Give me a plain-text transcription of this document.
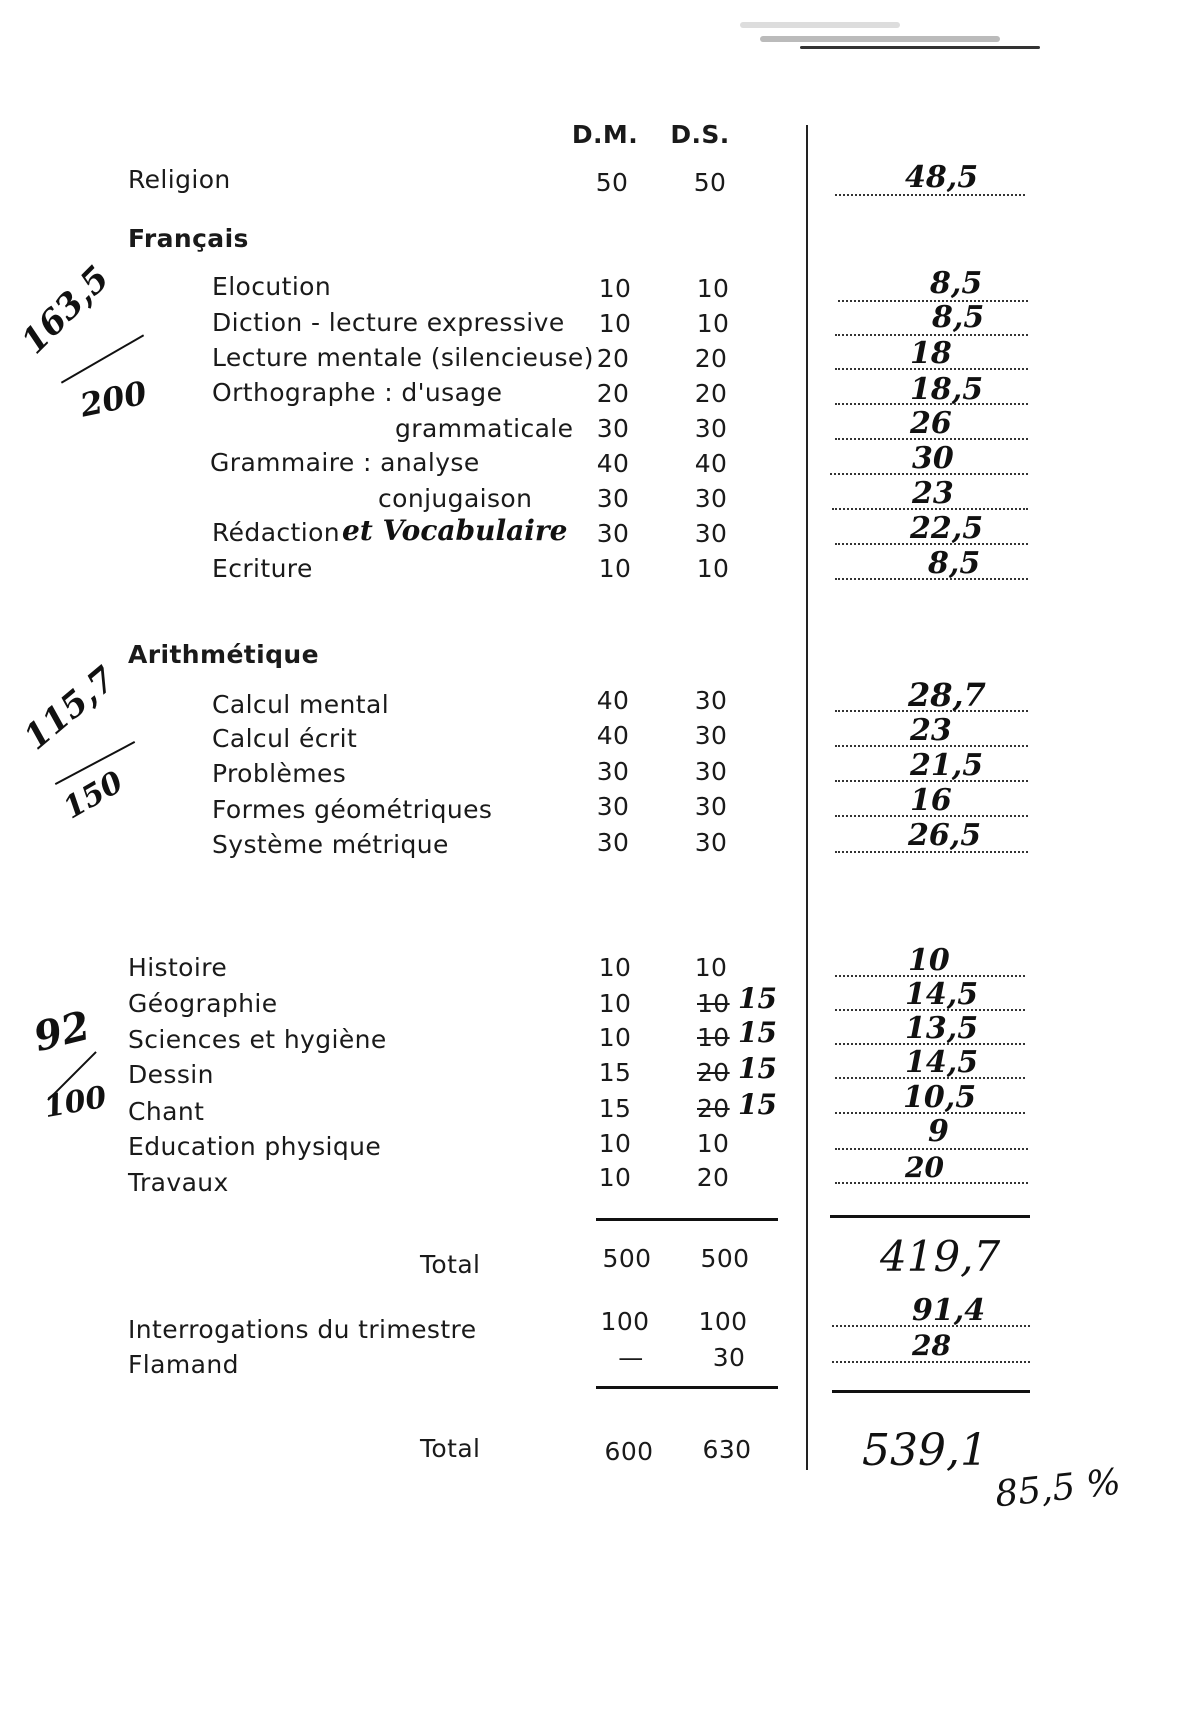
D.M. D.S.
Religion	50	50	48,5
Français
163,5
200
Elocution	10	10	8,5
Diction - lecture expressive	10	10	8,5
Lecture mentale (silencieuse) 20	20	18
Orthographe : d'usage	20	20	18,5
grammaticale 30	30	26
Grammaire : analyse	40	40	30
conjugaison	30	30	23
Rédaction et Vocabulaire	30	30	22,5
Ecriture	10	10	8,5
Arithmétique
115,7
150
Calcul mental	40	30	28,7
Calcul écrit	40	30	23
Problèmes	30	30	21,5
Formes géométriques	30	30	16
Système métrique	30	30	26,5
92
100
Histoire	10	10	10
Géographie	10	10 15	14,5
Sciences et hygiène	10	10 15	13,5
Dessin	15	20 15	14,5
Chant	15	20 15	10,5
Education physique	10	10	9
Travaux	10	20	20
Total	500	500	419,7
Interrogations du trimestre	100	100	91,4
Flamand	—	30	28
Total	600	630	539,1
85,5 %
